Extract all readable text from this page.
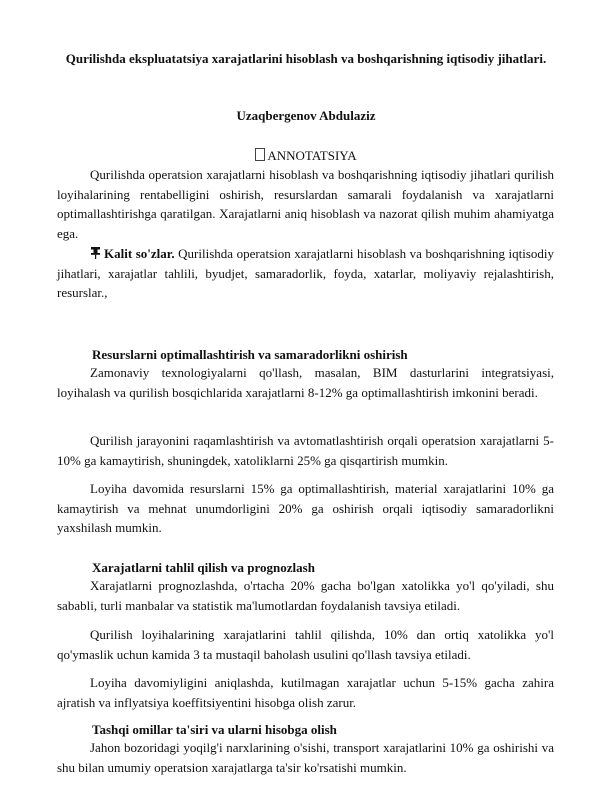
Qurilishda ekspluatatsiya xarajatlarini hisoblash va boshqarishning iqtisodiy jihatlari.
Uzaqbergenov Abdulaziz
ANNOTATSIYA

Qurilishda operatsion xarajatlarni hisoblash va boshqarishning iqtisodiy jihatlari qurilish loyihalarining rentabelligini oshirish, resurslardan samarali foydalanish va xarajatlarni optimallashtirishga qaratilgan. Xarajatlarni aniq hisoblash va nazorat qilish muhim ahamiyatga ega.

Kalit so'zlar. Qurilishda operatsion xarajatlarni hisoblash va boshqarishning iqtisodiy jihatlari, xarajatlar tahlili, byudjet, samaradorlik, foyda, xatarlar, moliyaviy rejalashtirish, resurslar.,

Resurslarni optimallashtirish va samaradorlikni oshirish

Zamonaviy texnologiyalarni qo'llash, masalan, BIM dasturlarini integratsiyasi, loyihalash va qurilish bosqichlarida xarajatlarni 8-12% ga optimallashtirish imkonini beradi.

Qurilish jarayonini raqamlashtirish va avtomatlashtirish orqali operatsion xarajatlarni 5-10% ga kamaytirish, shuningdek, xatoliklarni 25% ga qisqartirish mumkin.

Loyiha davomida resurslarni 15% ga optimallashtirish, material xarajatlarini 10% ga kamaytirish va mehnat unumdorligini 20% ga oshirish orqali iqtisodiy samaradorlikni yaxshilash mumkin.

Xarajatlarni tahlil qilish va prognozlash

Xarajatlarni prognozlashda, o'rtacha 20% gacha bo'lgan xatolikka yo'l qo'yiladi, shu sababli, turli manbalar va statistik ma'lumotlardan foydalanish tavsiya etiladi.

Qurilish loyihalarining xarajatlarini tahlil qilishda, 10% dan ortiq xatolikka yo'l qo'ymaslik uchun kamida 3 ta mustaqil baholash usulini qo'llash tavsiya etiladi.

Loyiha davomiyligini aniqlashda, kutilmagan xarajatlar uchun 5-15% gacha zahira ajratish va inflyatsiya koeffitsiyentini hisobga olish zarur.

Tashqi omillar ta'siri va ularni hisobga olish

Jahon bozoridagi yoqilg'i narxlarining o'sishi, transport xarajatlarini 10% ga oshirishi va shu bilan umumiy operatsion xarajatlarga ta'sir ko'rsatishi mumkin.
